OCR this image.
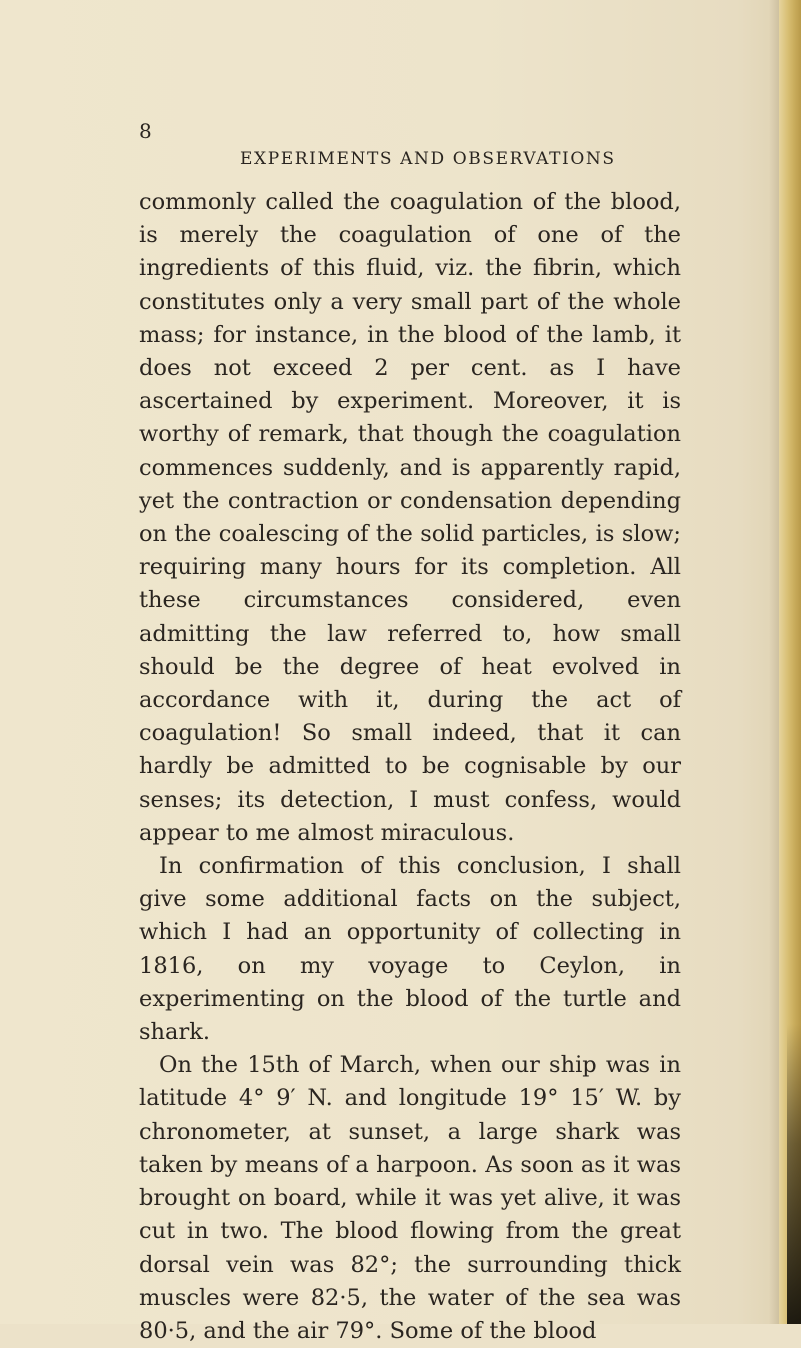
8

EXPERIMENTS AND OBSERVATIONS

commonly called the coagulation of the blood, is merely the coagulation of one of the ingredients of this fluid, viz. the fibrin, which constitutes only a very small part of the whole mass; for instance, in the blood of the lamb, it does not exceed 2 per cent. as I have ascertained by experiment. Moreover, it is worthy of remark, that though the coagulation commences suddenly, and is apparently rapid, yet the contraction or condensation depending on the coalescing of the solid particles, is slow; requiring many hours for its completion. All these circumstances considered, even admitting the law referred to, how small should be the degree of heat evolved in accordance with it, during the act of coagulation! So small indeed, that it can hardly be admitted to be cognisable by our senses; its detection, I must confess, would appear to me almost miraculous.

In confirmation of this conclusion, I shall give some additional facts on the subject, which I had an opportunity of collecting in 1816, on my voyage to Ceylon, in experimenting on the blood of the turtle and shark.

On the 15th of March, when our ship was in latitude 4° 9′ N. and longitude 19° 15′ W. by chronometer, at sunset, a large shark was taken by means of a harpoon. As soon as it was brought on board, while it was yet alive, it was cut in two. The blood flowing from the great dorsal vein was 82°; the surrounding thick muscles were 82·5, the water of the sea was 80·5, and the air 79°. Some of the blood
